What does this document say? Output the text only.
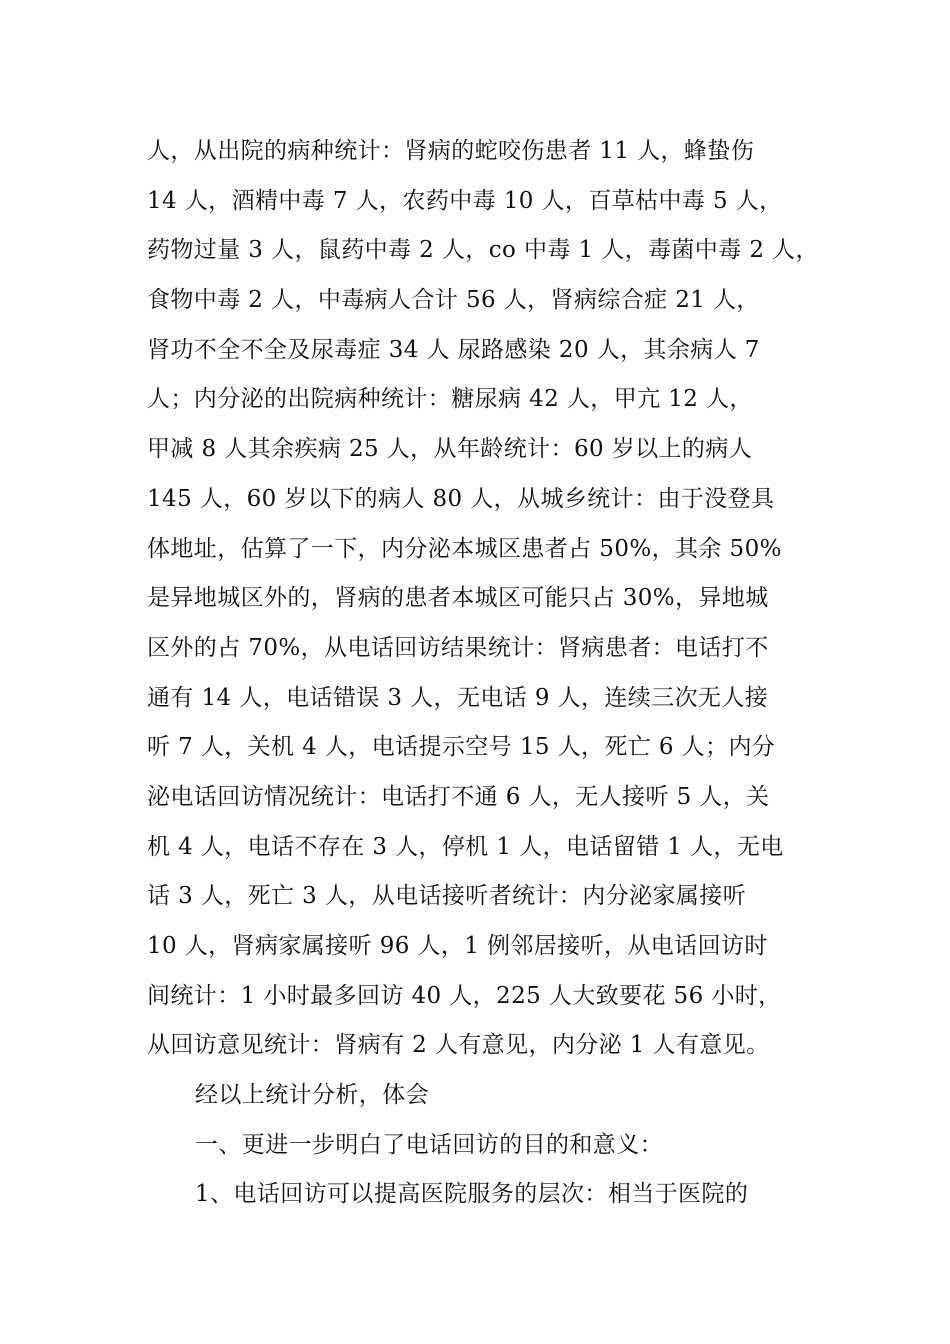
人，从出院的病种统计：肾病的蛇咬伤患者 11 人，蜂蛰伤
14 人，酒精中毒 7 人，农药中毒 10 人，百草枯中毒 5 人，
药物过量 3 人，鼠药中毒 2 人，co 中毒 1 人，毒菌中毒 2 人，
食物中毒 2 人，中毒病人合计 56 人，肾病综合症 21 人，
肾功不全不全及尿毒症 34 人 尿路感染 20 人，其余病人 7
人；内分泌的出院病种统计：糖尿病 42 人，甲亢 12 人，
甲减 8 人其余疾病 25 人，从年龄统计：60 岁以上的病人
145 人，60 岁以下的病人 80 人，从城乡统计：由于没登具
体地址，估算了一下，内分泌本城区患者占 50%，其余 50%
是异地城区外的，肾病的患者本城区可能只占 30%，异地城
区外的占 70%，从电话回访结果统计：肾病患者：电话打不
通有 14 人，电话错误 3 人，无电话 9 人，连续三次无人接
听 7 人，关机 4 人，电话提示空号 15 人，死亡 6 人；内分
泌电话回访情况统计：电话打不通 6 人，无人接听 5 人，关
机 4 人，电话不存在 3 人，停机 1 人，电话留错 1 人，无电
话 3 人，死亡 3 人，从电话接听者统计：内分泌家属接听
10 人，肾病家属接听 96 人，1 例邻居接听，从电话回访时
间统计：1 小时最多回访 40 人，225 人大致要花 56 小时，
从回访意见统计：肾病有 2 人有意见，内分泌 1 人有意见。
经以上统计分析，体会
一、更进一步明白了电话回访的目的和意义：
1、电话回访可以提高医院服务的层次：相当于医院的
